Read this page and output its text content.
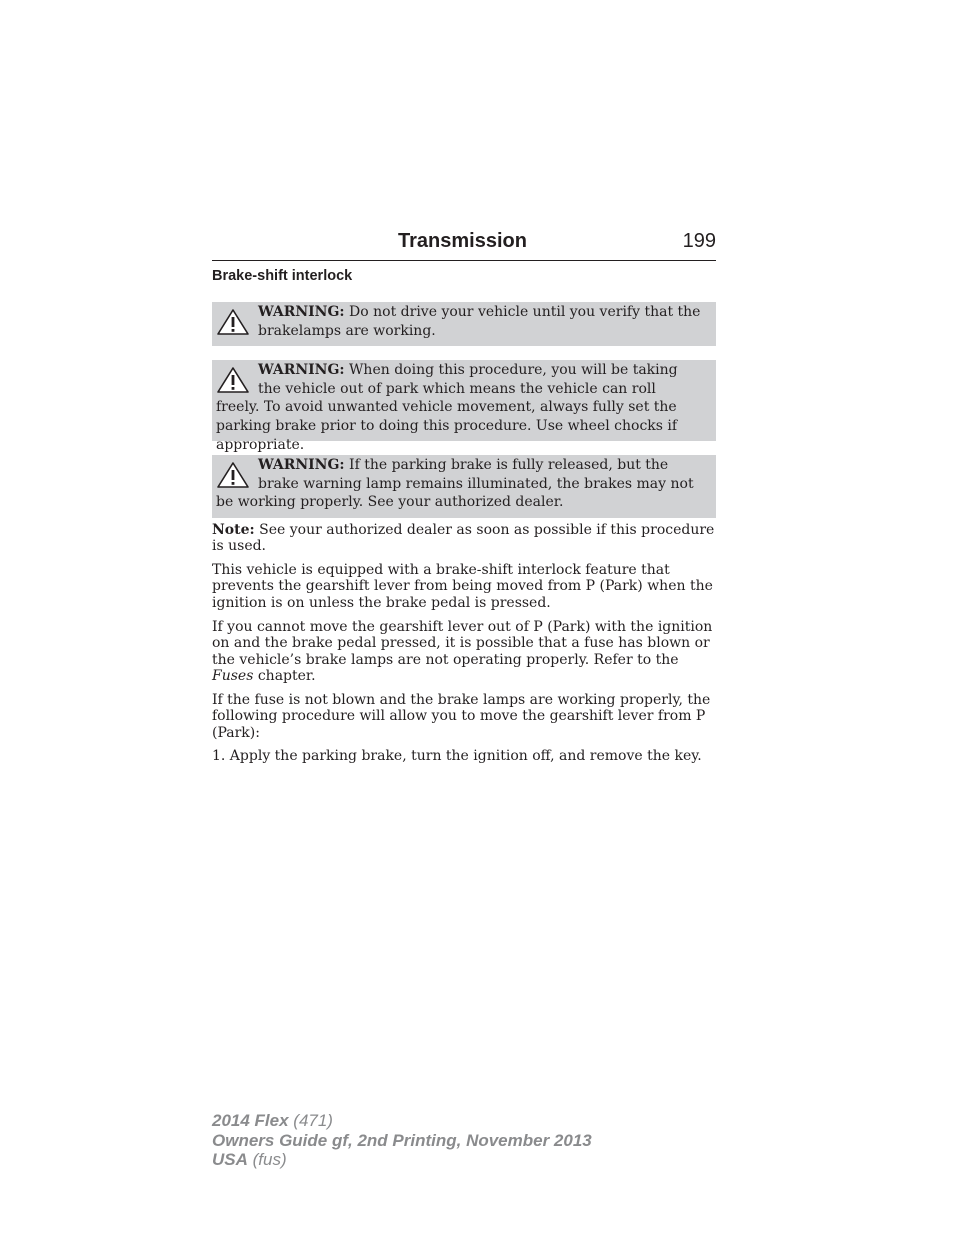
Transmission	199
Brake-shift interlock
WARNING: Do not drive your vehicle until you verify that the brakelamps are working.
WARNING: When doing this procedure, you will be taking the vehicle out of park which means the vehicle can roll freely. To avoid unwanted vehicle movement, always fully set the parking brake prior to doing this procedure. Use wheel chocks if appropriate.
WARNING: If the parking brake is fully released, but the brake warning lamp remains illuminated, the brakes may not be working properly. See your authorized dealer.

Note: See your authorized dealer as soon as possible if this procedure is used.

This vehicle is equipped with a brake-shift interlock feature that prevents the gearshift lever from being moved from P (Park) when the ignition is on unless the brake pedal is pressed.

If you cannot move the gearshift lever out of P (Park) with the ignition on and the brake pedal pressed, it is possible that a fuse has blown or the vehicle’s brake lamps are not operating properly. Refer to the Fuses chapter.

If the fuse is not blown and the brake lamps are working properly, the following procedure will allow you to move the gearshift lever from P (Park):

1. Apply the parking brake, turn the ignition off, and remove the key.

2014 Flex (471)
Owners Guide gf, 2nd Printing, November 2013
USA (fus)
